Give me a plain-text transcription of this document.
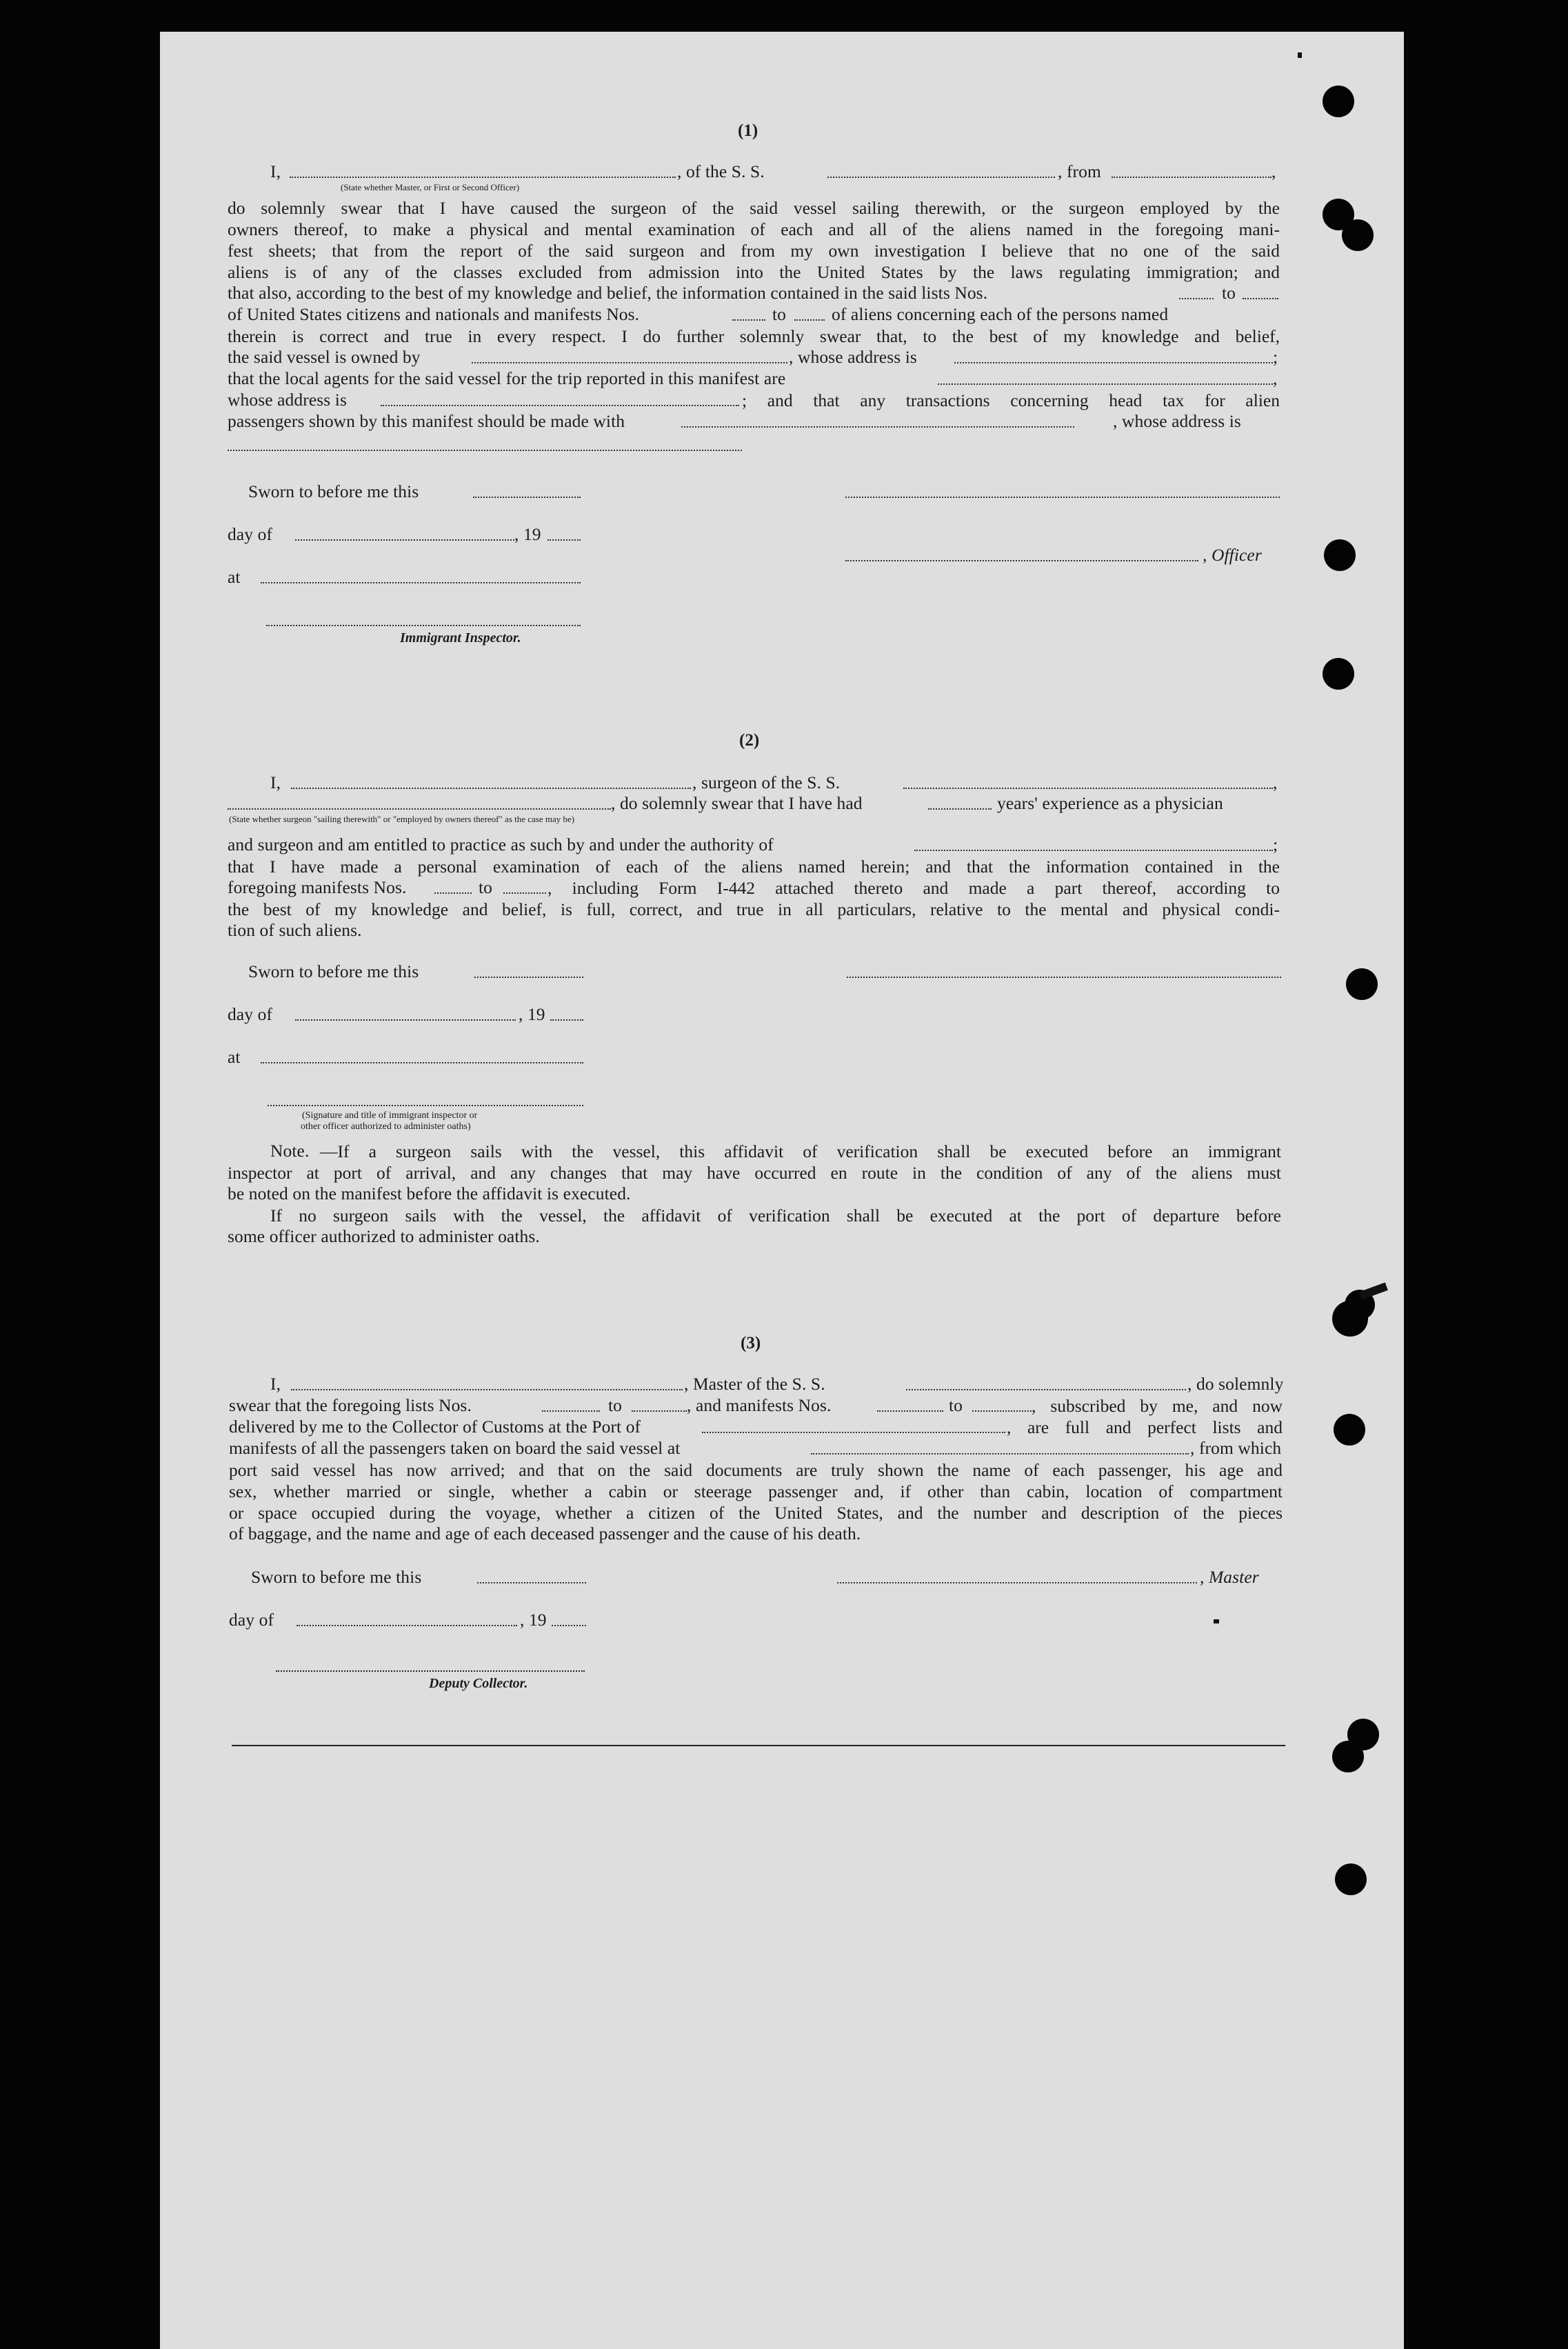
(1)
I,	, of the S. S.	, from	,
(State whether Master, or First or Second Officer)
do solemnly swear that I have caused the surgeon of the said vessel sailing therewith, or the surgeon employed by the
owners thereof, to make a physical and mental examination of each and all of the aliens named in the foregoing mani-
fest sheets; that from the report of the said surgeon and from my own investigation I believe that no one of the said
aliens is of any of the classes excluded from admission into the United States by the laws regulating immigration; and
that also, according to the best of my knowledge and belief, the information contained in the said lists Nos.	to
of United States citizens and nationals and manifests Nos.	to	of aliens concerning each of the persons named
therein is correct and true in every respect. I do further solemnly swear that, to the best of my knowledge and belief,
the said vessel is owned by	, whose address is	;
that the local agents for the said vessel for the trip reported in this manifest are	,
whose address is	; and that any transactions concerning head tax for alien
passengers shown by this manifest should be made with	, whose address is
Sworn to before me this
day of	, 19
, Officer
at
Immigrant Inspector.
(2)
I,	, surgeon of the S. S.	,
, do solemnly swear that I have had	years' experience as a physician
(State whether surgeon "sailing therewith" or "employed by owners thereof" as the case may be)
and surgeon and am entitled to practice as such by and under the authority of	;
that I have made a personal examination of each of the aliens named herein; and that the information contained in the
foregoing manifests Nos.	to	, including Form I-442 attached thereto and made a part thereof, according to
the best of my knowledge and belief, is full, correct, and true in all particulars, relative to the mental and physical condi-
tion of such aliens.
Sworn to before me this
day of	, 19
at
(Signature and title of immigrant inspector or
other officer authorized to administer oaths)
Note. —If a surgeon sails with the vessel, this affidavit of verification shall be executed before an immigrant
inspector at port of arrival, and any changes that may have occurred en route in the condition of any of the aliens must
be noted on the manifest before the affidavit is executed.
If no surgeon sails with the vessel, the affidavit of verification shall be executed at the port of departure before
some officer authorized to administer oaths.
(3)
I,	, Master of the S. S.	, do solemnly
swear that the foregoing lists Nos.	to	, and manifests Nos.	to	, subscribed by me, and now
delivered by me to the Collector of Customs at the Port of	, are full and perfect lists and
manifests of all the passengers taken on board the said vessel at	, from which
port said vessel has now arrived; and that on the said documents are truly shown the name of each passenger, his age and
sex, whether married or single, whether a cabin or steerage passenger and, if other than cabin, location of compartment
or space occupied during the voyage, whether a citizen of the United States, and the number and description of the pieces
of baggage, and the name and age of each deceased passenger and the cause of his death.
Sworn to before me this	, Master
day of	, 19
Deputy Collector.
